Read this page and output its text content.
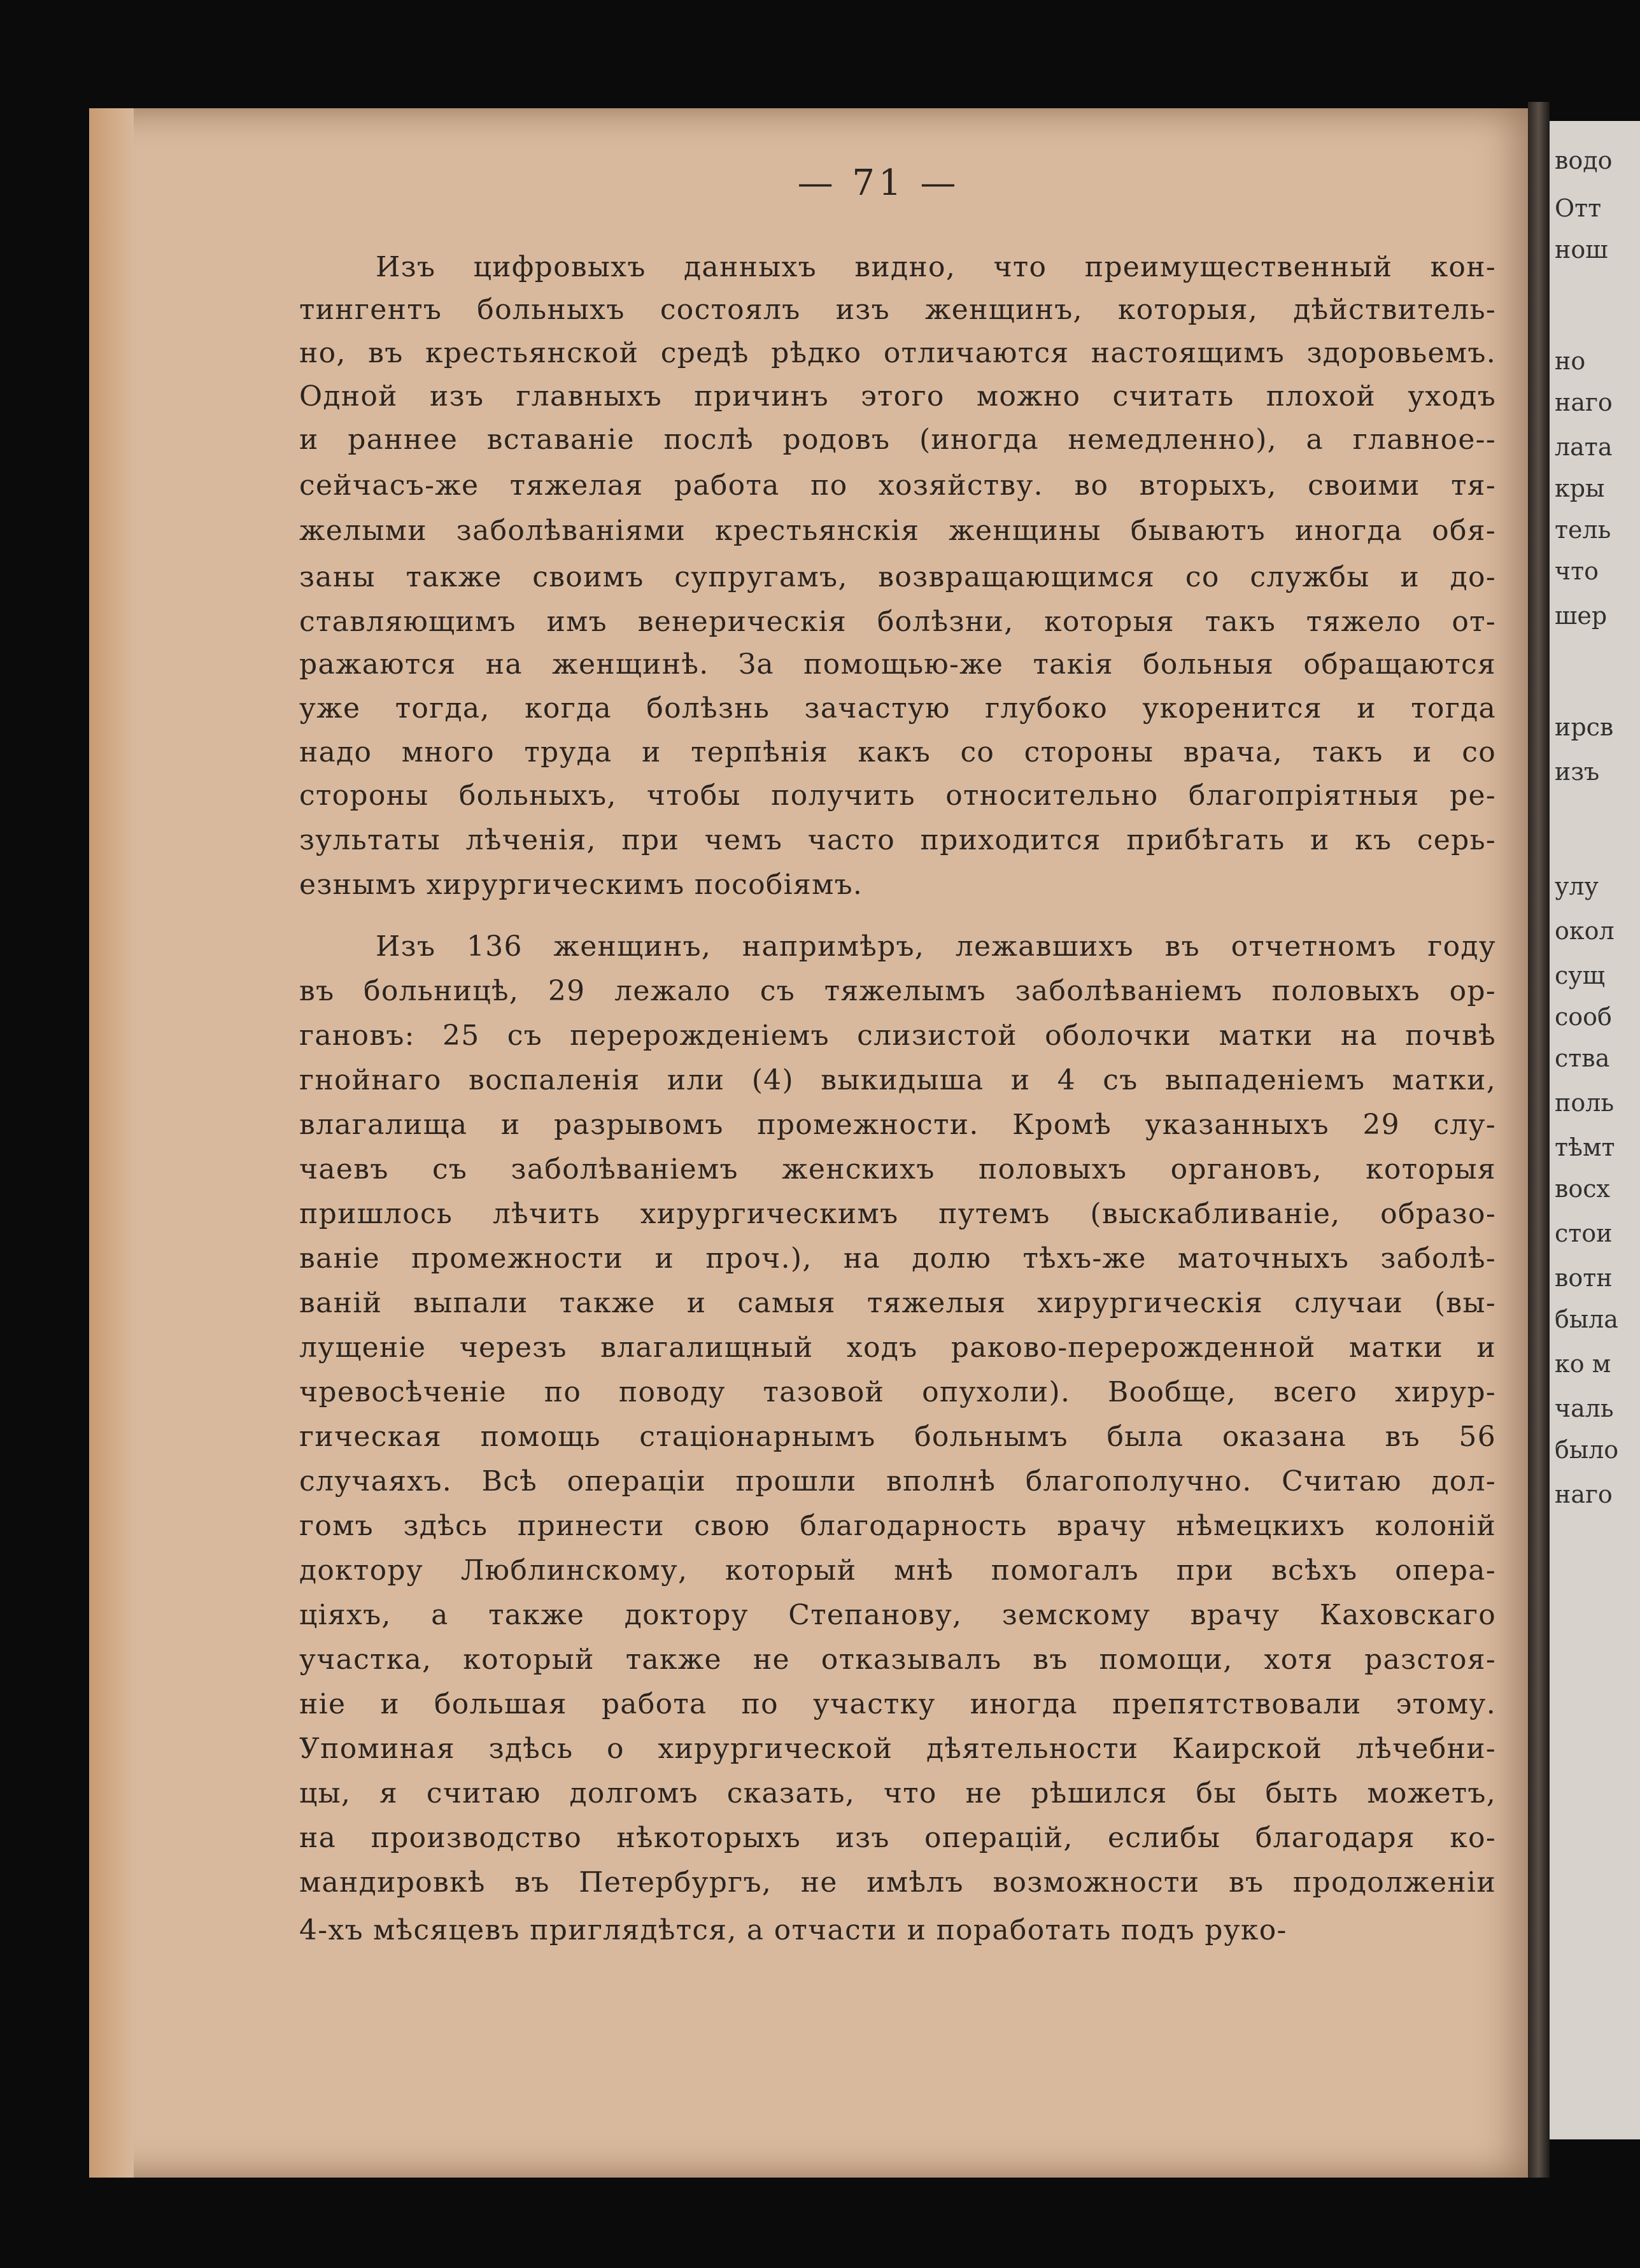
водо
Отт
нош
но
наго
лата
кры
тель
что
шер
ирсв
изъ
улу
окол
сущ
сооб
ства
поль
тѣмт
восх
стои
вотн
была
ко м
чаль
было
наго
— 71 —
Изъ цифровыхъ данныхъ видно, что преимущественный кон-
тингентъ больныхъ состоялъ изъ женщинъ, которыя, дѣйствитель-
но, въ крестьянской средѣ рѣдко отличаются настоящимъ здоровьемъ.
Одной изъ главныхъ причинъ этого можно считать плохой уходъ
и раннее вставаніе послѣ родовъ (иногда немедленно), а главное--
сейчасъ-же тяжелая работа по хозяйству. во вторыхъ, своими тя-
желыми заболѣваніями крестьянскія женщины бываютъ иногда обя-
заны также своимъ супругамъ, возвращающимся со службы и до-
ставляющимъ имъ венерическія болѣзни, которыя такъ тяжело от-
ражаются на женщинѣ. За помощью-же такія больныя обращаются
уже тогда, когда болѣзнь зачастую глубоко укоренится и тогда
надо много труда и терпѣнія какъ со стороны врача, такъ и со
стороны больныхъ, чтобы получить относительно благопріятныя ре-
зультаты лѣченія, при чемъ часто приходится прибѣгать и къ серь-
езнымъ хирургическимъ пособіямъ.
Изъ 136 женщинъ, напримѣръ, лежавшихъ въ отчетномъ году
въ больницѣ, 29 лежало съ тяжелымъ заболѣваніемъ половыхъ ор-
гановъ: 25 съ перерожденіемъ слизистой оболочки матки на почвѣ
гнойнаго воспаленія или (4) выкидыша и 4 съ выпаденіемъ матки,
влагалища и разрывомъ промежности. Кромѣ указанныхъ 29 слу-
чаевъ съ заболѣваніемъ женскихъ половыхъ органовъ, которыя
пришлось лѣчить хирургическимъ путемъ (выскабливаніе, образо-
ваніе промежности и проч.), на долю тѣхъ-же маточныхъ заболѣ-
ваній выпали также и самыя тяжелыя хирургическія случаи (вы-
лущеніе черезъ влагалищный ходъ раково-перерожденной матки и
чревосѣченіе по поводу тазовой опухоли). Вообще, всего хирур-
гическая помощь стаціонарнымъ больнымъ была оказана въ 56
случаяхъ. Всѣ операціи прошли вполнѣ благополучно. Считаю дол-
гомъ здѣсь принести свою благодарность врачу нѣмецкихъ колоній
доктору Люблинскому, который мнѣ помогалъ при всѣхъ опера-
ціяхъ, а также доктору Степанову, земскому врачу Каховскаго
участка, который также не отказывалъ въ помощи, хотя разстоя-
ніе и большая работа по участку иногда препятствовали этому.
Упоминая здѣсь о хирургической дѣятельности Каирской лѣчебни-
цы, я считаю долгомъ сказать, что не рѣшился бы быть можетъ,
на производство нѣкоторыхъ изъ операцій, еслибы благодаря ко-
мандировкѣ въ Петербургъ, не имѣлъ возможности въ продолженіи
4-хъ мѣсяцевъ приглядѣтся, а отчасти и поработать подъ руко-
